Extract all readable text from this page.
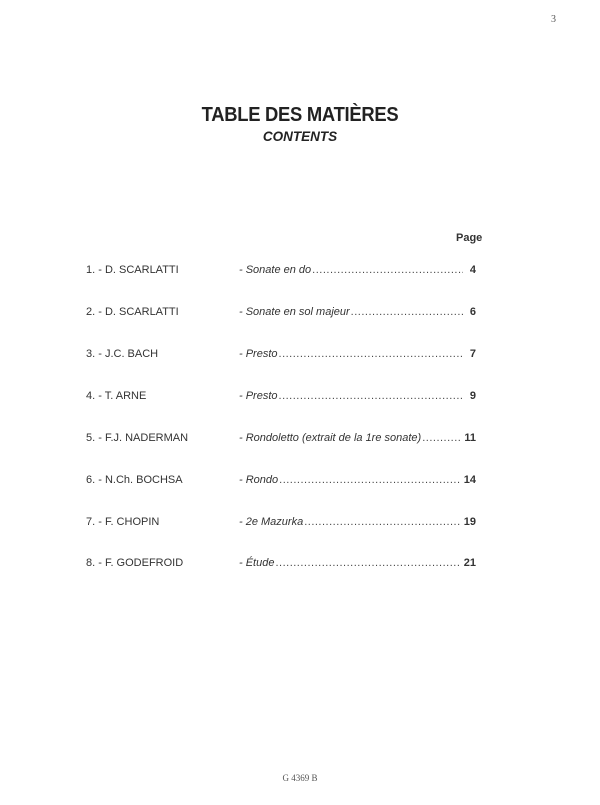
3
TABLE DES MATIÈRES
CONTENTS
Page
1. - D. SCARLATTI	- Sonate en do .....	4
2. - D. SCARLATTI	- Sonate en sol majeur .....	6
3. - J.C. BACH	- Presto .....	7
4. - T. ARNE	- Presto .....	9
5. - F.J. NADERMAN	- Rondoletto (extrait de la 1re sonate) .....	11
6. - N.Ch. BOCHSA	- Rondo .....	14
7. - F. CHOPIN	- 2e Mazurka .....	19
8. - F. GODEFROID	- Étude .....	21
G 4369 B
